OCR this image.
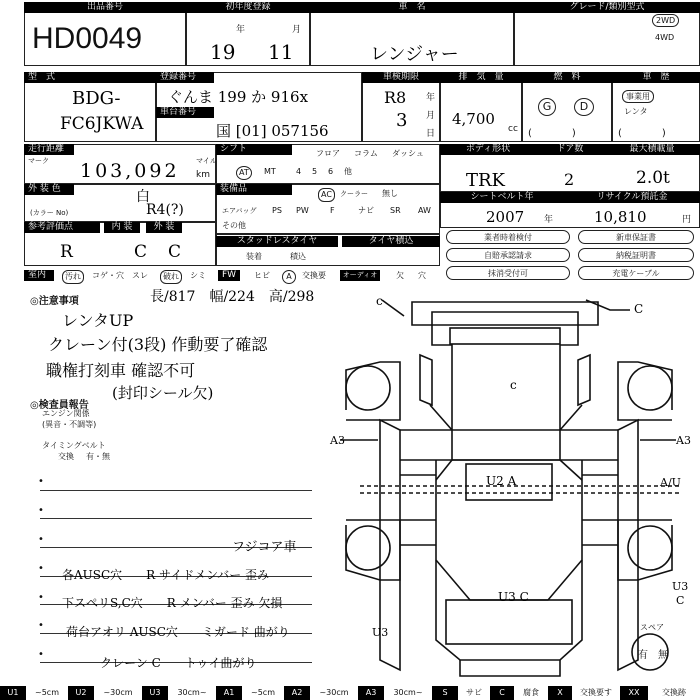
出品番号
HD0049
初年度登録
年	月
19 11
車　名
レンジャー
グレード/類別型式
2WD
4WD
型　式
BDG-
FC6JKWA
登録番号
ぐんま 199 か 916x
車台番号
国 [01] 057156
車検期限
年
月
日
R8
3
排　気　量
4,700
cc
燃　料
G	D
(　　　　)
車　歴
事業用
レンタ
(　　　　)
走行距離
マーク 103,092 マイル
km
シフト	フロア コラム ダッシュ
AT	MT	4 5 6 他
ボディ形状	ドア数	最大積載量
TRK	2	2.0t
外 装 色
(カラー No)
白
R4(?)
装備品
AC	クーラー 無し
エアバッグ PS PW	F	ナビ SR AW
その他
シートベルト年	リサイクル預託金
2007 年	10,810	円
参考評価点	内 装	外 装
R	C C
スタッドレスタイヤ	タイヤ積込
装着	積込
業者時着検付	新車保証書
自賠承認請求	納税証明書
抹消受付可	充電ケーブル
室内	汚れ	コゲ・穴 スレ	破れ	シミ	FW	ヒビ	A	交換要	オーディオ	欠 穴
◎注意事項	長/817　幅/224　高/298
レンタUP
クレーン付(3段) 作動要了確認
職権打刻車 確認不可
(封印シール欠)
◎検査員報告
エンジン関係
(異音・不調等)
タイミングベルト
交換 有・無
•
•
•
•
•
•
•
フジコア車
各AUSC穴　　R サイドメンバー 歪み
下スペリS,C穴　　R メンバー 歪み 欠損
荷台アオリ AUSC穴　　ミガード 曲がり
クレーン C　　トゥイ曲がり
c
C
c
A3	A3
A/U
U2 A
U3
C
U3 C
U3	スペア
有 無
U1	~5cm	U2	~30cm	U3	30cm~	A1	~5cm	A2	~30cm	A3	30cm~	S	サビ	C	腐食	X	交換要す	XX	交換跡
